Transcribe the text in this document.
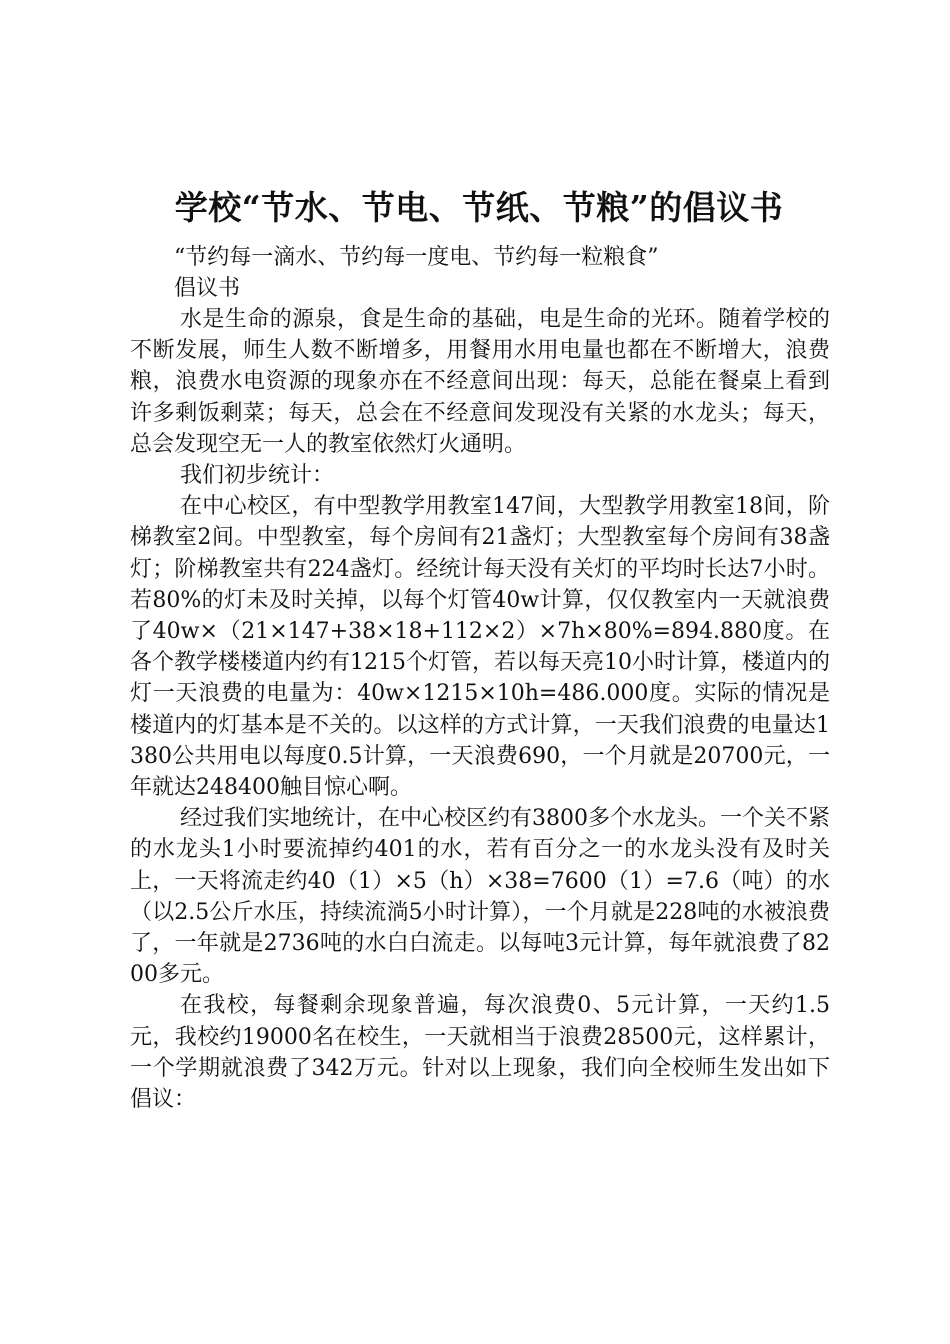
学校“节水、节电、节纸、节粮”的倡议书

“节约每一滴水、节约每一度电、节约每一粒粮食”

倡议书

水是生命的源泉，食是生命的基础，电是生命的光环。随着学校的不断发展，师生人数不断增多，用餐用水用电量也都在不断增大，浪费粮，浪费水电资源的现象亦在不经意间出现：每天，总能在餐桌上看到许多剩饭剩菜；每天，总会在不经意间发现没有关紧的水龙头；每天，总会发现空无一人的教室依然灯火通明。

我们初步统计：

在中心校区，有中型教学用教室147间，大型教学用教室18间，阶梯教室2间。中型教室，每个房间有21盏灯；大型教室每个房间有38盏灯；阶梯教室共有224盏灯。经统计每天没有关灯的平均时长达7小时。若80%的灯未及时关掉，以每个灯管40w计算，仅仅教室内一天就浪费了40w×（21×147+38×18+112×2）×7h×80%=894.880度。在各个教学楼楼道内约有1215个灯管，若以每天亮10小时计算，楼道内的灯一天浪费的电量为：40w×1215×10h=486.000度。实际的情况是楼道内的灯基本是不关的。以这样的方式计算，一天我们浪费的电量达1380公共用电以每度0.5计算，一天浪费690，一个月就是20700元，一年就达248400触目惊心啊。

经过我们实地统计，在中心校区约有3800多个水龙头。一个关不紧的水龙头1小时要流掉约401的水，若有百分之一的水龙头没有及时关上，一天将流走约40（1）×5（h）×38=7600（1）=7.6（吨）的水（以2.5公斤水压，持续流淌5小时计算），一个月就是228吨的水被浪费了，一年就是2736吨的水白白流走。以每吨3元计算，每年就浪费了8200多元。

在我校，每餐剩余现象普遍，每次浪费0、5元计算，一天约1.5元，我校约19000名在校生，一天就相当于浪费28500元，这样累计，一个学期就浪费了342万元。针对以上现象，我们向全校师生发出如下倡议：
